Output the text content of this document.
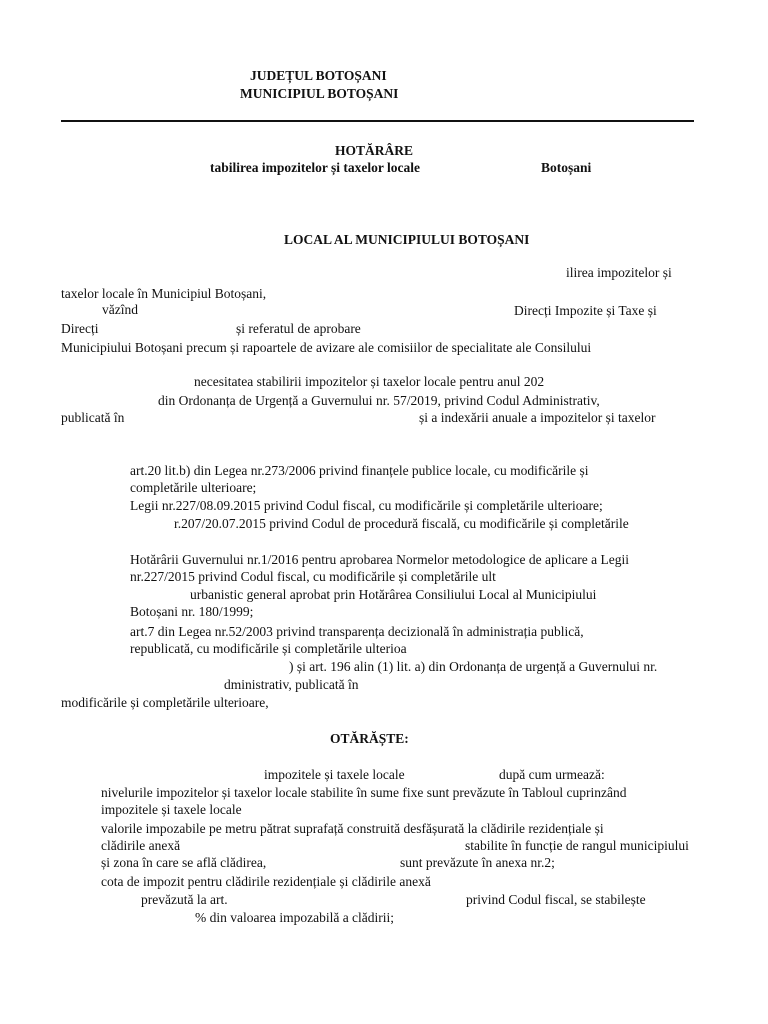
JUDEȚUL BOTOȘANI
MUNICIPIUL BOTOȘANI
HOTĂRÂRE
tabilirea impozitelor și taxelor locale	Botoșani
LOCAL AL MUNICIPIULUI BOTOȘANI
ilirea impozitelor și
taxelor locale în Municipiul Botoșani,
văzînd	Direcți Impozite și Taxe și
Direcți	și referatul de aprobare
Municipiului Botoșani precum și rapoartele de avizare ale comisiilor de specialitate ale Consilului
necesitatea stabilirii impozitelor și taxelor locale pentru anul 202
din Ordonanța de Urgență a Guvernului nr. 57/2019, privind Codul Administrativ,
publicată în	și a indexării anuale a impozitelor și taxelor
art.20 lit.b) din Legea nr.273/2006 privind finanțele publice locale, cu modificările și
completările ulterioare;
Legii nr.227/08.09.2015 privind Codul fiscal, cu modificările și completările ulterioare;
r.207/20.07.2015 privind Codul de procedură fiscală, cu modificările și completările
Hotărârii Guvernului nr.1/2016 pentru aprobarea Normelor metodologice de aplicare a Legii
nr.227/2015 privind Codul fiscal, cu modificările și completările ult
urbanistic general aprobat prin Hotărârea Consiliului Local al Municipiului
Botoșani nr. 180/1999;
art.7 din Legea nr.52/2003 privind transparența decizională în administrația publică,
republicată, cu modificările și completările ulterioa
) și art. 196 alin (1) lit. a) din Ordonanța de urgență a Guvernului nr.
dministrativ, publicată în
modificările și completările ulterioare,
OTĂRĂȘTE:
impozitele și taxele locale	după cum urmează:
nivelurile impozitelor și taxelor locale stabilite în sume fixe sunt prevăzute în Tabloul cuprinzând
impozitele și taxele locale
valorile impozabile pe metru pătrat suprafață construită desfășurată la clădirile rezidențiale și
clădirile anexă	stabilite în funcție de rangul municipiului
și zona în care se află clădirea,	sunt prevăzute în anexa nr.2;
cota de impozit pentru clădirile rezidențiale și clădirile anexă
prevăzută la art.	privind Codul fiscal, se stabilește
% din valoarea impozabilă a clădirii;
